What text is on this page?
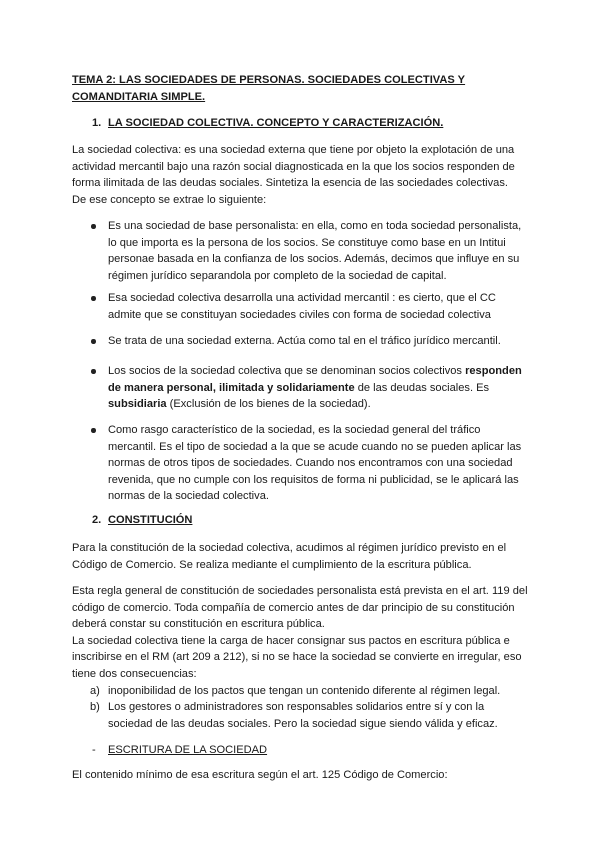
TEMA 2: LAS SOCIEDADES DE PERSONAS. SOCIEDADES COLECTIVAS Y
COMANDITARIA SIMPLE.
1. LA SOCIEDAD COLECTIVA. CONCEPTO Y CARACTERIZACIÓN.
La sociedad colectiva: es una sociedad externa que tiene por objeto la explotación de una
actividad mercantil bajo una razón social diagnosticada en la que los socios responden de
forma ilimitada de las deudas sociales. Sintetiza la esencia de las sociedades colectivas.
De ese concepto se extrae lo siguiente:
Es una sociedad de base personalista: en ella, como en toda sociedad personalista,
lo que importa es la persona de los socios. Se constituye como base en un Intitui
personae basada en la confianza de los socios. Además, decimos que influye en su
régimen jurídico separandola por completo de la sociedad de capital.
Esa sociedad colectiva desarrolla una actividad mercantil : es cierto, que el CC
admite que se constituyan sociedades civiles con forma de sociedad colectiva
Se trata de una sociedad externa. Actúa como tal en el tráfico jurídico mercantil.
Los socios de la sociedad colectiva que se denominan socios colectivos responden
de manera personal, ilimitada y solidariamente de las deudas sociales. Es
subsidiaria (Exclusión de los bienes de la sociedad).
Como rasgo característico de la sociedad, es la sociedad general del tráfico
mercantil. Es el tipo de sociedad a la que se acude cuando no se pueden aplicar las
normas de otros tipos de sociedades. Cuando nos encontramos con una sociedad
revenida, que no cumple con los requisitos de forma ni publicidad, se le aplicará las
normas de la sociedad colectiva.
2. CONSTITUCIÓN
Para la constitución de la sociedad colectiva, acudimos al régimen jurídico previsto en el
Código de Comercio. Se realiza mediante el cumplimiento de la escritura pública.
Esta regla general de constitución de sociedades personalista está prevista en el art. 119 del
código de comercio. Toda compañía de comercio antes de dar principio de su constitución
deberá constar su constitución en escritura pública.
La sociedad colectiva tiene la carga de hacer consignar sus pactos en escritura pública e
inscribirse en el RM (art 209 a 212), si no se hace la sociedad se convierte en irregular, eso
tiene dos consecuencias:
a) inoponibilidad de los pactos que tengan un contenido diferente al régimen legal.
b) Los gestores o administradores son responsables solidarios entre sí y con la
sociedad de las deudas sociales. Pero la sociedad sigue siendo válida y eficaz.
- ESCRITURA DE LA SOCIEDAD
El contenido mínimo de esa escritura según el art. 125 Código de Comercio:
